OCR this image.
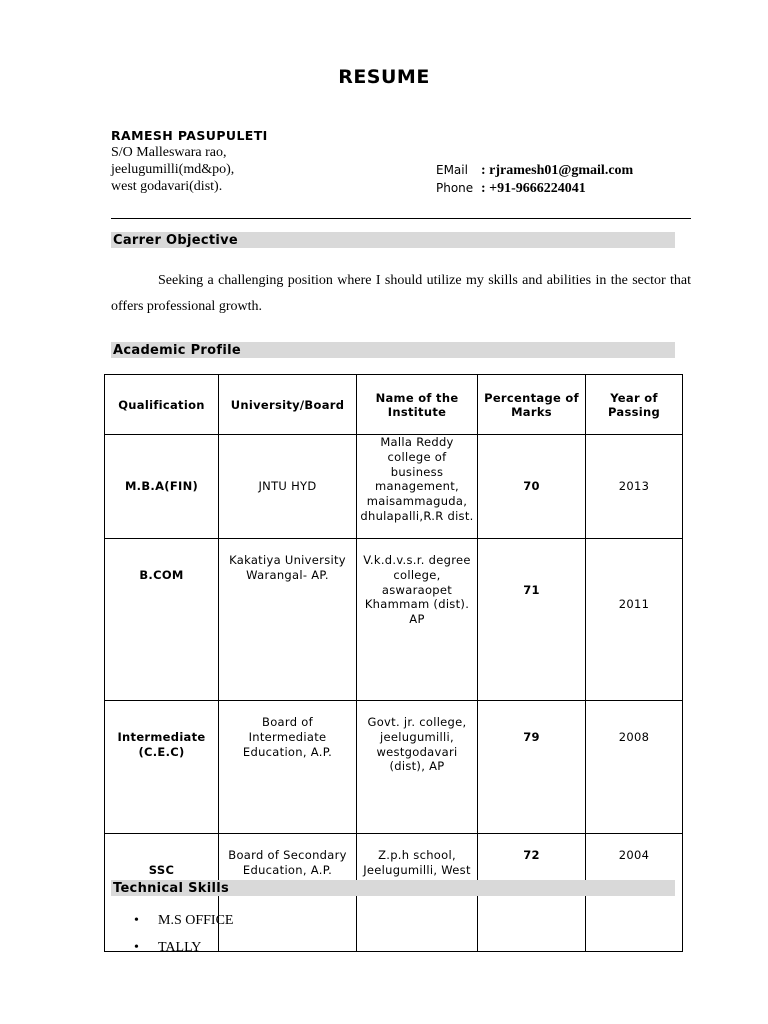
RESUME
RAMESH PASUPULETI
S/O Malleswara rao,
jeelugumilli(md&po),
west godavari(dist).
EMail : rjramesh01@gmail.com
Phone : +91-9666224041
Carrer Objective
Seeking a challenging position where I should utilize my skills and abilities in the sector that offers professional growth.
Academic Profile
Qualification	University/Board	Name of the Institute	Percentage of Marks	Year of Passing
M.B.A(FIN)	JNTU HYD	Malla Reddy college of business management, maisammaguda, dhulapalli,R.R dist.	70	2013
B.COM	Kakatiya University Warangal- AP.	V.k.d.v.s.r. degree college, aswaraopet Khammam (dist). AP	71	2011
Intermediate (C.E.C)	Board of Intermediate Education, A.P.	Govt. jr. college, jeelugumilli, westgodavari (dist), AP	79	2008
SSC	Board of Secondary Education, A.P.	Z.p.h school, Jeelugumilli, West	72	2004
Technical Skills
• M.S OFFICE
• TALLY
